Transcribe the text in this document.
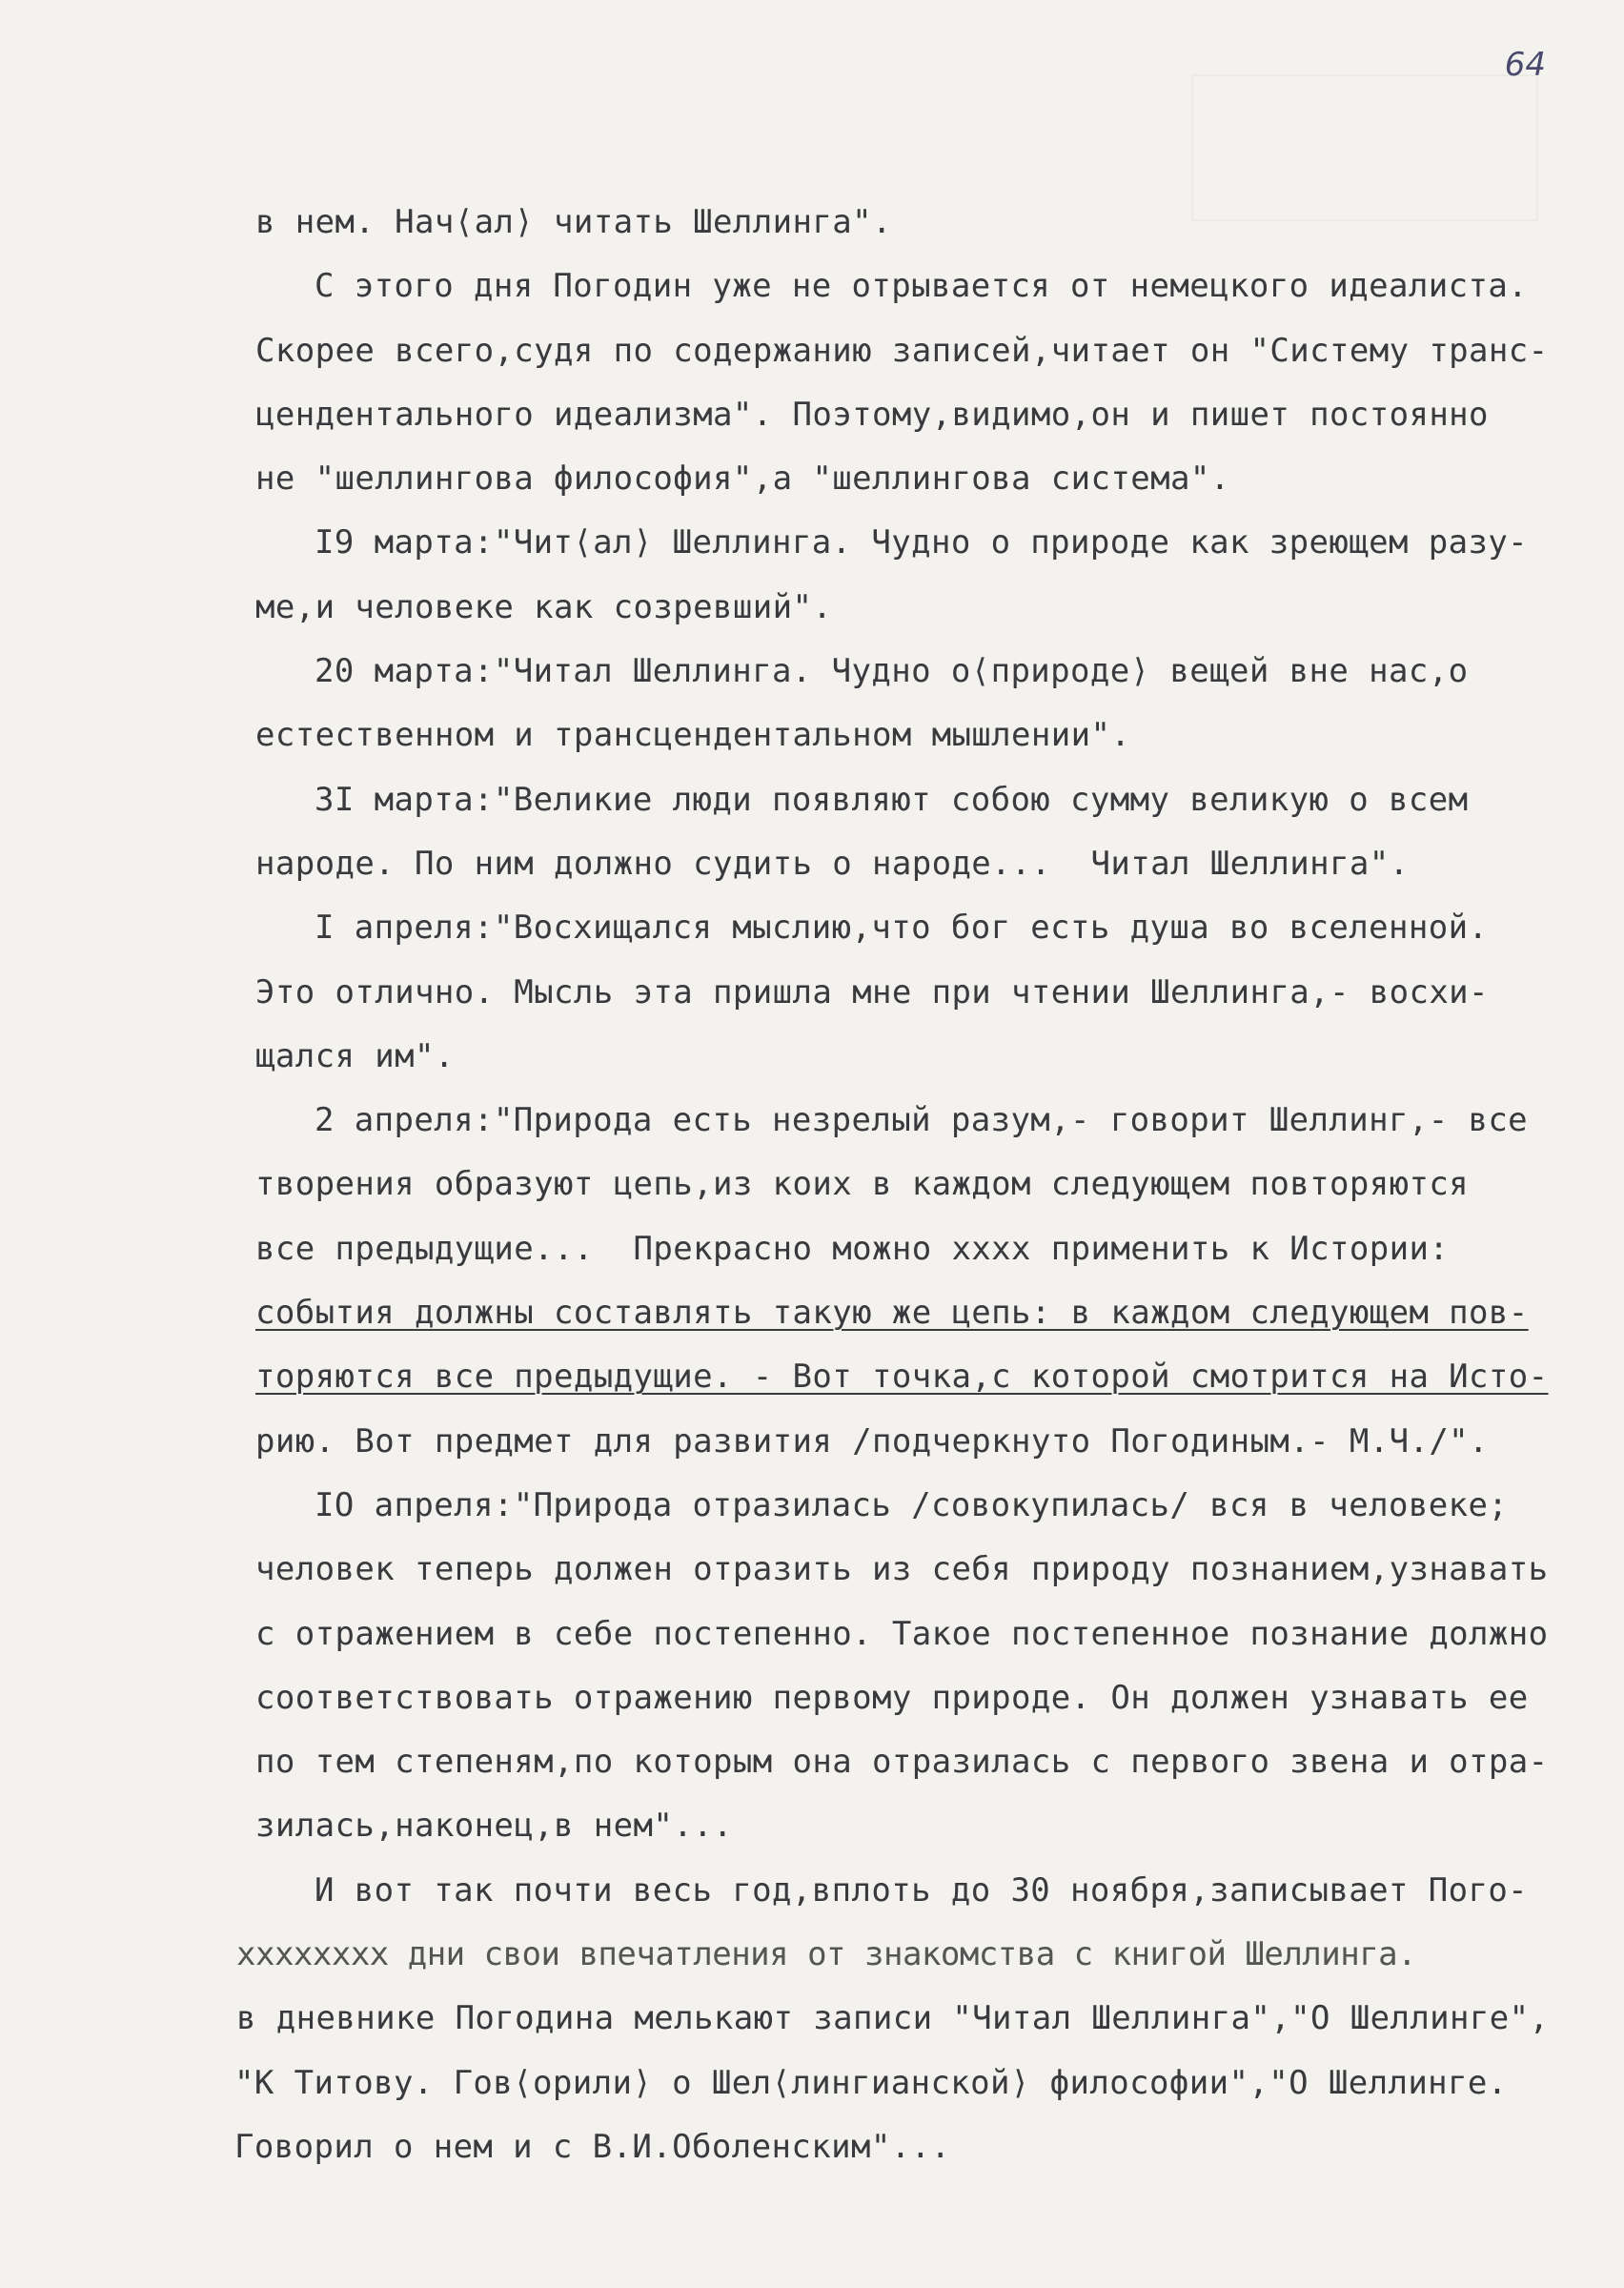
64
в нем. Нач⟨ал⟩ читать Шеллинга".
С этого дня Погодин уже не отрывается от немецкого идеалиста.
Скорее всего,судя по содержанию записей,читает он "Систему транс-
цендентального идеализма". Поэтому,видимо,он и пишет постоянно
не "шеллингова философия",а "шеллингова система".
I9 марта:"Чит⟨ал⟩ Шеллинга. Чудно о природе как зреющем разу-
ме,и человеке как созревший".
20 марта:"Читал Шеллинга. Чудно о⟨природе⟩ вещей вне нас,о
естественном и трансцендентальном мышлении".
3I марта:"Великие люди появляют собою сумму великую о всем
народе. По ним должно судить о народе...  Читал Шеллинга".
I апреля:"Восхищался мыслию,что бог есть душа во вселенной.
Это отлично. Мысль эта пришла мне при чтении Шеллинга,- восхи-
щался им".
2 апреля:"Природа есть незрелый разум,- говорит Шеллинг,- все
творения образуют цепь,из коих в каждом следующем повторяются
все предыдущие...  Прекрасно можно хххх применить к Истории:
события должны составлять такую же цепь: в каждом следующем пов-
торяются все предыдущие. - Вот точка,с которой смотрится на Исто-
рию. Вот предмет для развития /подчеркнуто Погодиным.- М.Ч./".
IО апреля:"Природа отразилась /совокупилась/ вся в человеке;
человек теперь должен отразить из себя природу познанием,узнавать
с отражением в себе постепенно. Такое постепенное познание должно
соответствовать отражению первому природе. Он должен узнавать ее
по тем степеням,по которым она отразилась с первого звена и отра-
зилась,наконец,в нем"...
И вот так почти весь год,вплоть до 30 ноября,записывает Пого-
хххххххх дни свои впечатления от знакомства с книгой Шеллинга.
в дневнике Погодина мелькают записи "Читал Шеллинга","О Шеллинге",
"К Титову. Гов⟨орили⟩ о Шел⟨лингианской⟩ философии","О Шеллинге.
Говорил о нем и с В.И.Оболенским"...
